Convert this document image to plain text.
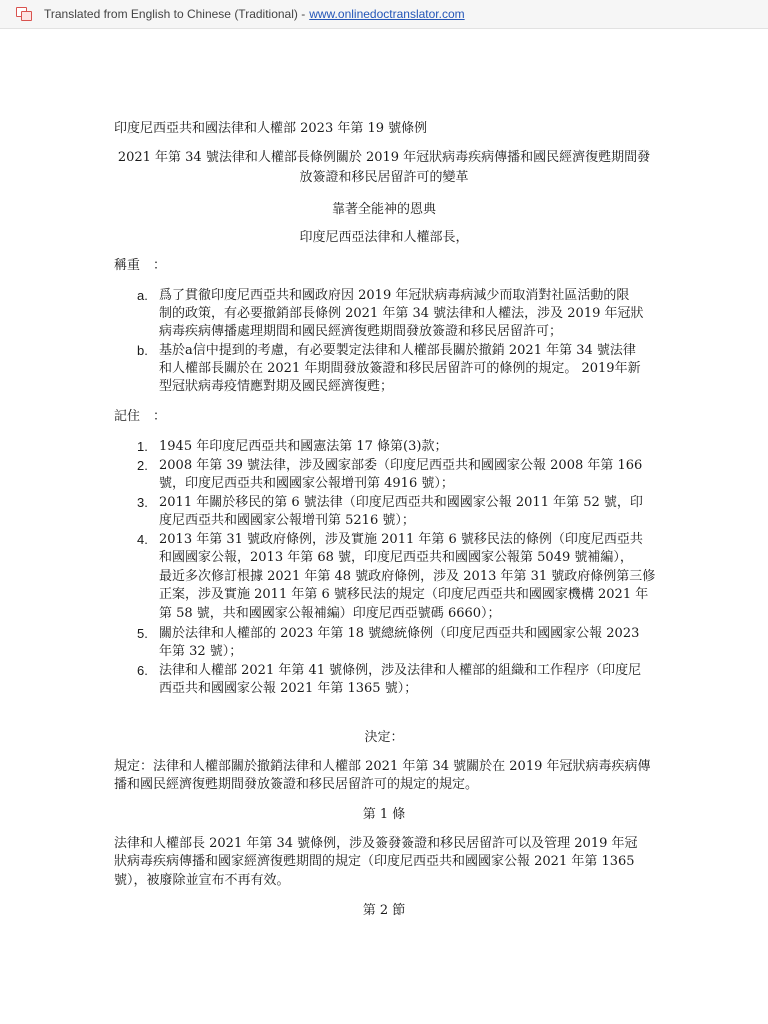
Translated from English to Chinese (Traditional) - www.onlinedoctranslator.com
印度尼西亞共和國法律和人權部 2023 年第 19 號條例
2021 年第 34 號法律和人權部長條例關於 2019 年冠狀病毒疾病傳播和國民經濟復甦期間發
放簽證和移民居留許可的變革
靠著全能神的恩典
印度尼西亞法律和人權部長，
稱重　：
a. 爲了貫徹印度尼西亞共和國政府因 2019 年冠狀病毒病減少而取消對社區活動的限
制的政策，有必要撤銷部長條例 2021 年第 34 號法律和人權法，涉及 2019 年冠狀
病毒疾病傳播處理期間和國民經濟復甦期間發放簽證和移民居留許可；
b. 基於a信中提到的考慮，有必要製定法律和人權部長關於撤銷 2021 年第 34 號法律
和人權部長關於在 2021 年期間發放簽證和移民居留許可的條例的規定。 2019年新
型冠狀病毒疫情應對期及國民經濟復甦；
記住　：
1. 1945 年印度尼西亞共和國憲法第 17 條第(3)款；
2. 2008 年第 39 號法律，涉及國家部委（印度尼西亞共和國國家公報 2008 年第 166
號，印度尼西亞共和國國家公報增刊第 4916 號）；
3. 2011 年關於移民的第 6 號法律（印度尼西亞共和國國家公報 2011 年第 52 號，印
度尼西亞共和國國家公報增刊第 5216 號）；
4. 2013 年第 31 號政府條例，涉及實施 2011 年第 6 號移民法的條例（印度尼西亞共
和國國家公報，2013 年第 68 號，印度尼西亞共和國國家公報第 5049 號補編），
最近多次修訂根據 2021 年第 48 號政府條例，涉及 2013 年第 31 號政府條例第三修
正案，涉及實施 2011 年第 6 號移民法的規定（印度尼西亞共和國國家機構 2021 年
第 58 號，共和國國家公報補編）印度尼西亞號碼 6660）；
5. 關於法律和人權部的 2023 年第 18 號總統條例（印度尼西亞共和國國家公報 2023
年第 32 號）；
6. 法律和人權部 2021 年第 41 號條例，涉及法律和人權部的組織和工作程序（印度尼
西亞共和國國家公報 2021 年第 1365 號）；
決定：
規定：法律和人權部關於撤銷法律和人權部 2021 年第 34 號關於在 2019 年冠狀病毒疾病傳
播和國民經濟復甦期間發放簽證和移民居留許可的規定的規定。
第 1 條
法律和人權部長 2021 年第 34 號條例，涉及簽發簽證和移民居留許可以及管理 2019 年冠
狀病毒疾病傳播和國家經濟復甦期間的規定（印度尼西亞共和國國家公報 2021 年第 1365
號），被廢除並宣布不再有效。
第 2 節
